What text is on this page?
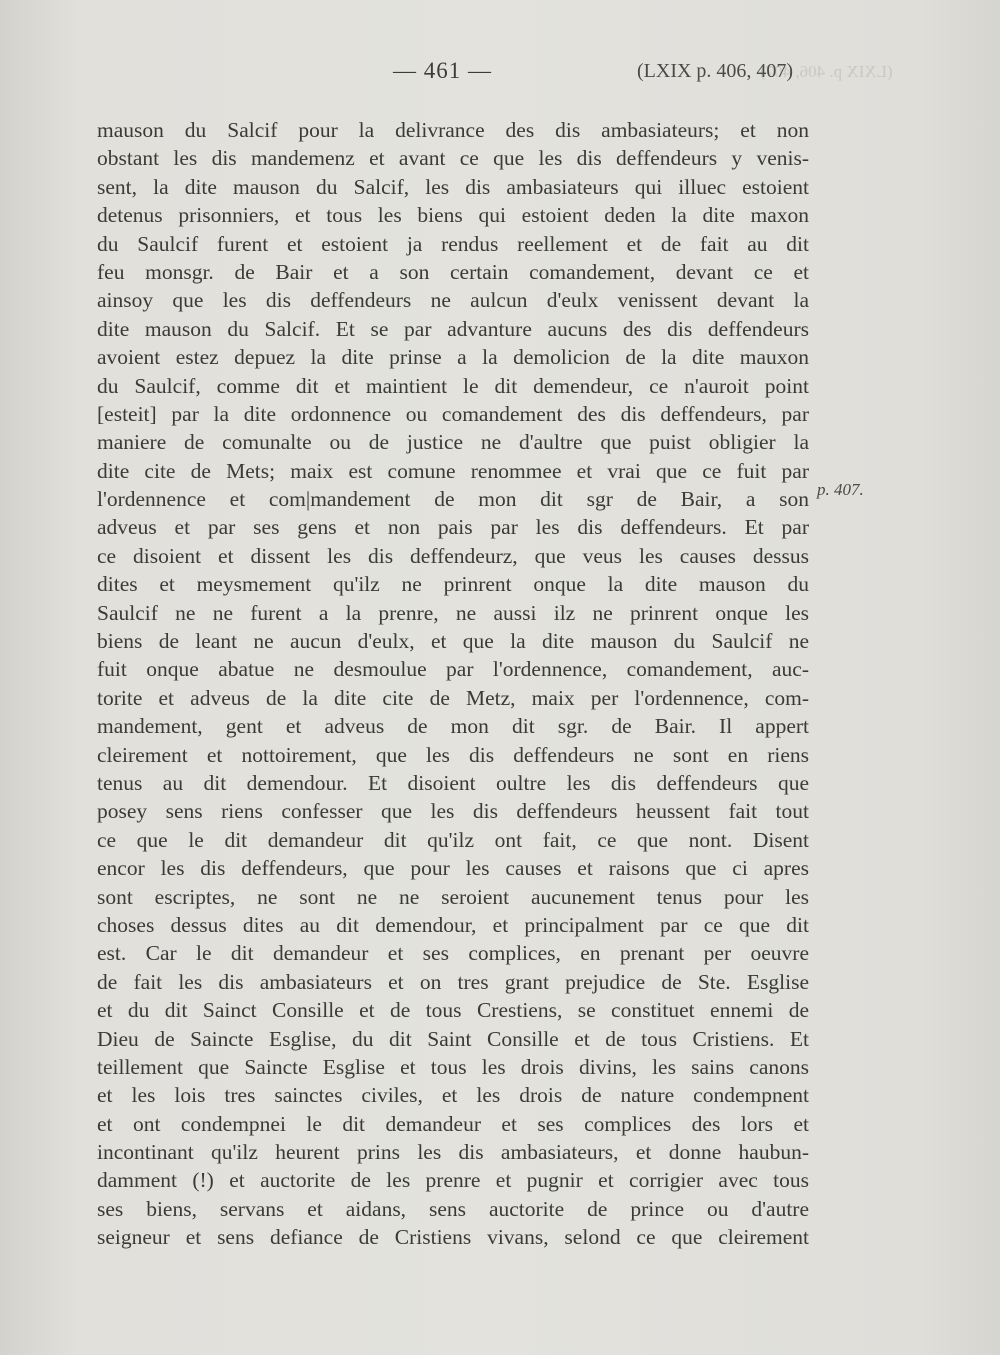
(LXIX p. 406, 407)
— 461 —	(LXIX p. 406, 407)
mauson du Salcif pour la delivrance des dis ambasiateurs; et non
obstant les dis mandemenz et avant ce que les dis deffendeurs y venis-
sent, la dite mauson du Salcif, les dis ambasiateurs qui illuec estoient
detenus prisonniers, et tous les biens qui estoient deden la dite maxon
du Saulcif furent et estoient ja rendus reellement et de fait au dit
feu monsgr. de Bair et a son certain comandement, devant ce et
ainsoy que les dis deffendeurs ne aulcun d'eulx venissent devant la
dite mauson du Salcif. Et se par advanture aucuns des dis deffendeurs
avoient estez depuez la dite prinse a la demolicion de la dite mauxon
du Saulcif, comme dit et maintient le dit demendeur, ce n'auroit point
[esteit] par la dite ordonnence ou comandement des dis deffendeurs, par
maniere de comunalte ou de justice ne d'aultre que puist obligier la
dite cite de Mets; maix est comune renommee et vrai que ce fuit par
l'ordennence et com|mandement de mon dit sgr de Bair, a son
adveus et par ses gens et non pais par les dis deffendeurs. Et par
ce disoient et dissent les dis deffendeurz, que veus les causes dessus
dites et meysmement qu'ilz ne prinrent onque la dite mauson du
Saulcif ne ne furent a la prenre, ne aussi ilz ne prinrent onque les
biens de leant ne aucun d'eulx, et que la dite mauson du Saulcif ne
fuit onque abatue ne desmoulue par l'ordennence, comandement, auc-
torite et adveus de la dite cite de Metz, maix per l'ordennence, com-
mandement, gent et adveus de mon dit sgr. de Bair. Il appert
cleirement et nottoirement, que les dis deffendeurs ne sont en riens
tenus au dit demendour. Et disoient oultre les dis deffendeurs que
posey sens riens confesser que les dis deffendeurs heussent fait tout
ce que le dit demandeur dit qu'ilz ont fait, ce que nont. Disent
encor les dis deffendeurs, que pour les causes et raisons que ci apres
sont escriptes, ne sont ne ne seroient aucunement tenus pour les
choses dessus dites au dit demendour, et principalment par ce que dit
est. Car le dit demandeur et ses complices, en prenant per oeuvre
de fait les dis ambasiateurs et on tres grant prejudice de Ste. Esglise
et du dit Sainct Consille et de tous Crestiens, se constituet ennemi de
Dieu de Saincte Esglise, du dit Saint Consille et de tous Cristiens. Et
teillement que Saincte Esglise et tous les drois divins, les sains canons
et les lois tres sainctes civiles, et les drois de nature condempnent
et ont condempnei le dit demandeur et ses complices des lors et
incontinant qu'ilz heurent prins les dis ambasiateurs, et donne haubun-
damment (!) et auctorite de les prenre et pugnir et corrigier avec tous
ses biens, servans et aidans, sens auctorite de prince ou d'autre
seigneur et sens defiance de Cristiens vivans, selond ce que cleirement
p. 407.
